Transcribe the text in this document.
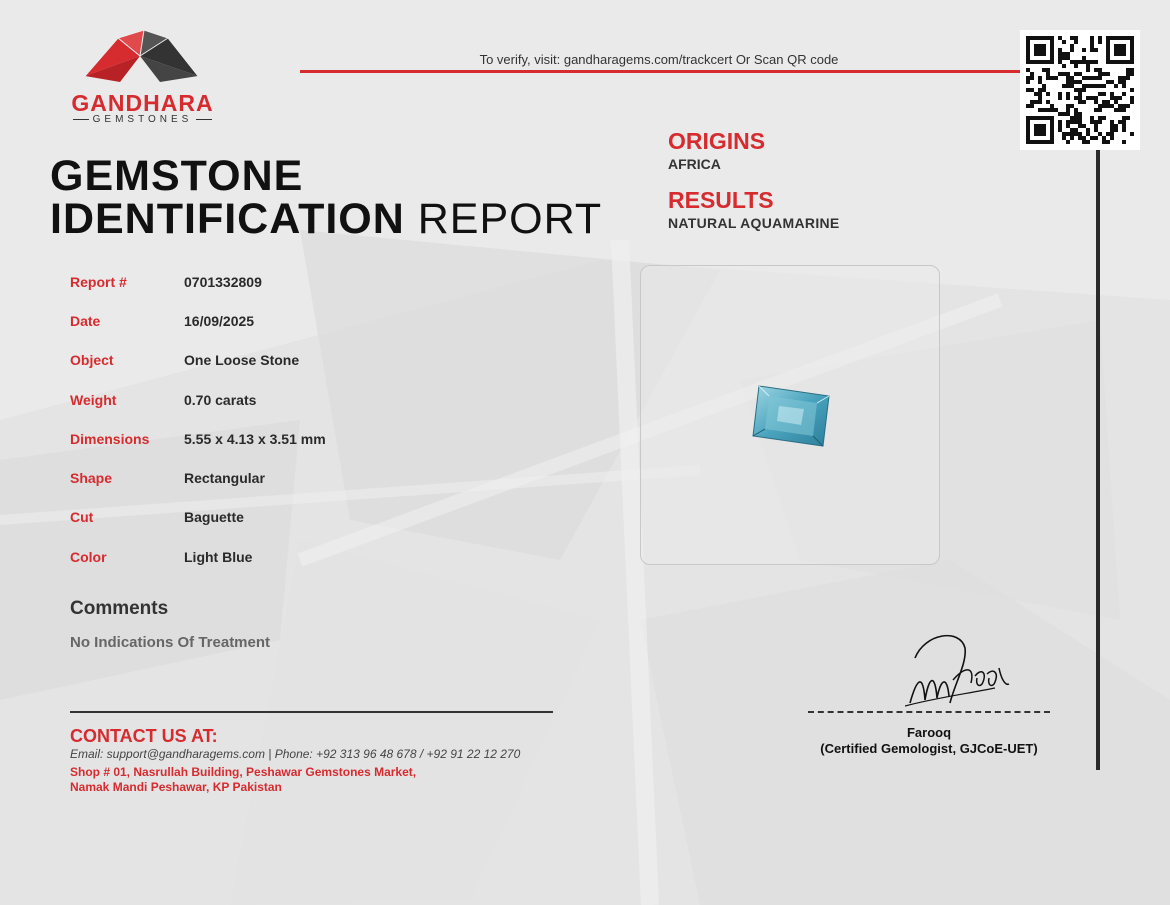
GANDHARA
GEMSTONES
To verify, visit: gandharagems.com/trackcert Or Scan QR code
GEMSTONE
IDENTIFICATION REPORT
ORIGINS
AFRICA
RESULTS
NATURAL AQUAMARINE
Report #	0701332809
Date	16/09/2025
Object	One Loose Stone
Weight	0.70 carats
Dimensions	5.55 x 4.13 x 3.51 mm
Shape	Rectangular
Cut	Baguette
Color	Light Blue
Comments
No Indications Of Treatment
Farooq
(Certified Gemologist, GJCoE-UET)
CONTACT US AT:
Email: support@gandharagems.com | Phone: +92 313 96 48 678 / +92 91 22 12 270
Shop # 01, Nasrullah Building, Peshawar Gemstones Market,
Namak Mandi Peshawar, KP Pakistan
